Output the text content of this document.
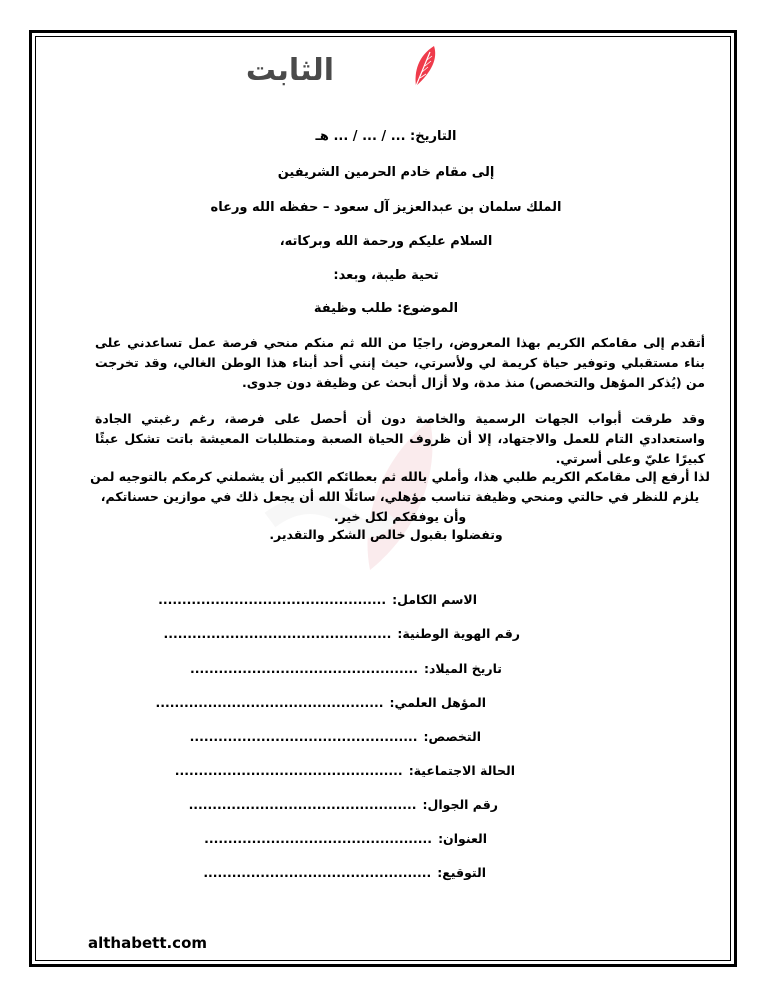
الثابت
التاريخ: ... / ... / ... هـ
إلى مقام خادم الحرمين الشريفين
الملك سلمان بن عبدالعزيز آل سعود – حفظه الله ورعاه
السلام عليكم ورحمة الله وبركاته،
تحية طيبة، وبعد:
الموضوع: طلب وظيفة
أتقدم إلى مقامكم الكريم بهذا المعروض، راجيًا من الله ثم منكم منحي فرصة عمل تساعدني على بناء مستقبلي وتوفير حياة كريمة لي ولأسرتي، حيث إنني أحد أبناء هذا الوطن الغالي، وقد تخرجت من (يُذكر المؤهل والتخصص) منذ مدة، ولا أزال أبحث عن وظيفة دون جدوى.
وقد طرقت أبواب الجهات الرسمية والخاصة دون أن أحصل على فرصة، رغم رغبتي الجادة واستعدادي التام للعمل والاجتهاد، إلا أن ظروف الحياة الصعبة ومتطلبات المعيشة باتت تشكل عبئًا كبيرًا عليّ وعلى أسرتي.
لذا أرفع إلى مقامكم الكريم طلبي هذا، وأملي بالله ثم بعطائكم الكبير أن يشملني كرمكم بالتوجيه لمن يلزم للنظر في حالتي ومنحي وظيفة تناسب مؤهلي، سائلًا الله أن يجعل ذلك في موازين حسناتكم، وأن يوفقكم لكل خير.
وتفضلوا بقبول خالص الشكر والتقدير.
الاسم الكامل:................................................
رقم الهوية الوطنية:................................................
تاريخ الميلاد:................................................
المؤهل العلمي:................................................
التخصص:................................................
الحالة الاجتماعية:................................................
رقم الجوال:................................................
العنوان:................................................
التوقيع:................................................
althabett.com
